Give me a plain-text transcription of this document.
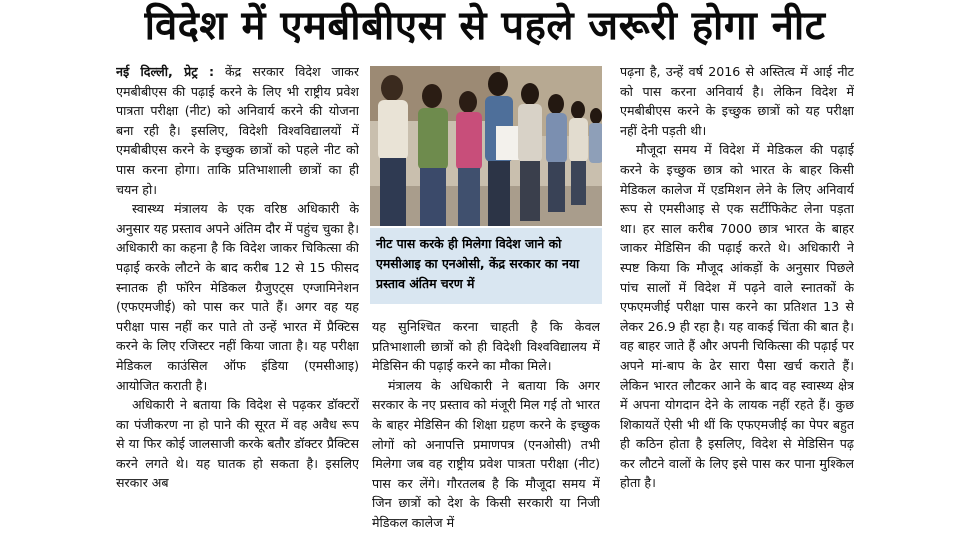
विदेश में एमबीबीएस से पहले जरूरी होगा नीट

नई दिल्ली, प्रेट्र : केंद्र सरकार विदेश जाकर एमबीबीएस की पढ़ाई करने के लिए भी राष्ट्रीय प्रवेश पात्रता परीक्षा (नीट) को अनिवार्य करने की योजना बना रही है। इसलिए, विदेशी विश्वविद्यालयों में एमबीबीएस करने के इच्छुक छात्रों को पहले नीट को पास करना होगा। ताकि प्रतिभाशाली छात्रों का ही चयन हो।

स्वास्थ्य मंत्रालय के एक वरिष्ठ अधिकारी के अनुसार यह प्रस्ताव अपने अंतिम दौर में पहुंच चुका है। अधिकारी का कहना है कि विदेश जाकर चिकित्सा की पढ़ाई करके लौटने के बाद करीब 12 से 15 फीसद स्नातक ही फॉरेन मेडिकल ग्रैजुएट्स एग्जामिनेशन (एफएमजीई) को पास कर पाते हैं। अगर वह यह परीक्षा पास नहीं कर पाते तो उन्हें भारत में प्रैक्टिस करने के लिए रजिस्टर नहीं किया जाता है। यह परीक्षा मेडिकल काउंसिल ऑफ इंडिया (एमसीआइ) आयोजित कराती है।

अधिकारी ने बताया कि विदेश से पढ़कर डॉक्टरों का पंजीकरण ना हो पाने की सूरत में वह अवैध रूप से या फिर कोई जालसाजी करके बतौर डॉक्टर प्रैक्टिस करने लगते थे। यह घातक हो सकता है। इसलिए सरकार अब

नीट पास करके ही मिलेगा विदेश जाने को एमसीआइ का एनओसी, केंद्र सरकार का नया प्रस्ताव अंतिम चरण में

यह सुनिश्चित करना चाहती है कि केवल प्रतिभाशाली छात्रों को ही विदेशी विश्वविद्यालय में मेडिसिन की पढ़ाई करने का मौका मिले।

मंत्रालय के अधिकारी ने बताया कि अगर सरकार के नए प्रस्ताव को मंजूरी मिल गई तो भारत के बाहर मेडिसिन की शिक्षा ग्रहण करने के इच्छुक लोगों को अनापत्ति प्रमाणपत्र (एनओसी) तभी मिलेगा जब वह राष्ट्रीय प्रवेश पात्रता परीक्षा (नीट) पास कर लेंगे। गौरतलब है कि मौजूदा समय में जिन छात्रों को देश के किसी सरकारी या निजी मेडिकल कालेज में

पढ़ना है, उन्हें वर्ष 2016 से अस्तित्व में आई नीट को पास करना अनिवार्य है। लेकिन विदेश में एमबीबीएस करने के इच्छुक छात्रों को यह परीक्षा नहीं देनी पड़ती थी।

मौजूदा समय में विदेश में मेडिकल की पढ़ाई करने के इच्छुक छात्र को भारत के बाहर किसी मेडिकल कालेज में एडमिशन लेने के लिए अनिवार्य रूप से एमसीआइ से एक सर्टीफिकेट लेना पड़ता था। हर साल करीब 7000 छात्र भारत के बाहर जाकर मेडिसिन की पढ़ाई करते थे। अधिकारी ने स्पष्ट किया कि मौजूद आंकड़ों के अनुसार पिछले पांच सालों में विदेश में पढ़ने वाले स्नातकों के एफएमजीई परीक्षा पास करने का प्रतिशत 13 से लेकर 26.9 ही रहा है। यह वाकई चिंता की बात है। वह बाहर जाते हैं और अपनी चिकित्सा की पढ़ाई पर अपने मां-बाप के ढेर सारा पैसा खर्च कराते हैं। लेकिन भारत लौटकर आने के बाद वह स्वास्थ्य क्षेत्र में अपना योगदान देने के लायक नहीं रहते हैं। कुछ शिकायतें ऐसी भी थीं कि एफएमजीई का पेपर बहुत ही कठिन होता है इसलिए, विदेश से मेडिसिन पढ़ कर लौटने वालों के लिए इसे पास कर पाना मुश्किल होता है।
